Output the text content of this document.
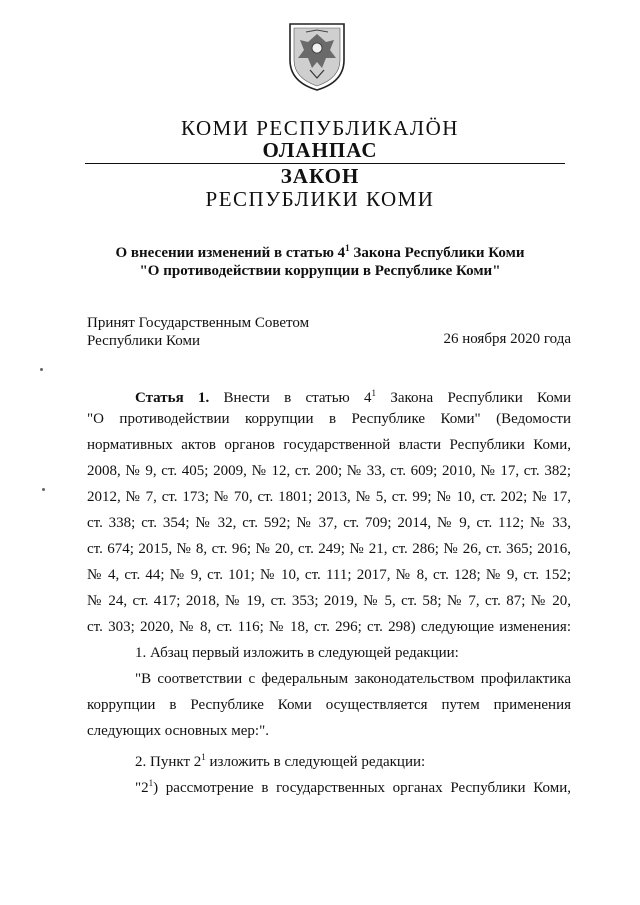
КОМИ РЕСПУБЛИКАЛӦН
ОЛАНПАС
ЗАКОН
РЕСПУБЛИКИ КОМИ
О внесении изменений в статью $4^1$ Закона Республики Коми
"О противодействии коррупции в Республике Коми"
Принят Государственным Советом
Республики Коми	26 ноября 2020 года
Статья 1. Внести в статью $4^1$ Закона Республики Коми
"О противодействии коррупции в Республике Коми" (Ведомости
нормативных актов органов государственной власти Республики Коми,
2008, № 9, ст. 405; 2009, № 12, ст. 200; № 33, ст. 609; 2010, № 17, ст. 382;
2012, № 7, ст. 173; № 70, ст. 1801; 2013, № 5, ст. 99; № 10, ст. 202; № 17,
ст. 338; ст. 354; № 32, ст. 592; № 37, ст. 709; 2014, № 9, ст. 112; № 33,
ст. 674; 2015, № 8, ст. 96; № 20, ст. 249; № 21, ст. 286; № 26, ст. 365; 2016,
№ 4, ст. 44; № 9, ст. 101; № 10, ст. 111; 2017, № 8, ст. 128; № 9, ст. 152;
№ 24, ст. 417; 2018, № 19, ст. 353; 2019, № 5, ст. 58; № 7, ст. 87; № 20,
ст. 303; 2020, № 8, ст. 116; № 18, ст. 296; ст. 298) следующие изменения:
1. Абзац первый изложить в следующей редакции:
"В соответствии с федеральным законодательством профилактика
коррупции в Республике Коми осуществляется путем применения
следующих основных мер:".
2. Пункт $2^1$ изложить в следующей редакции:
"$2^1$) рассмотрение в государственных органах Республики Коми,
